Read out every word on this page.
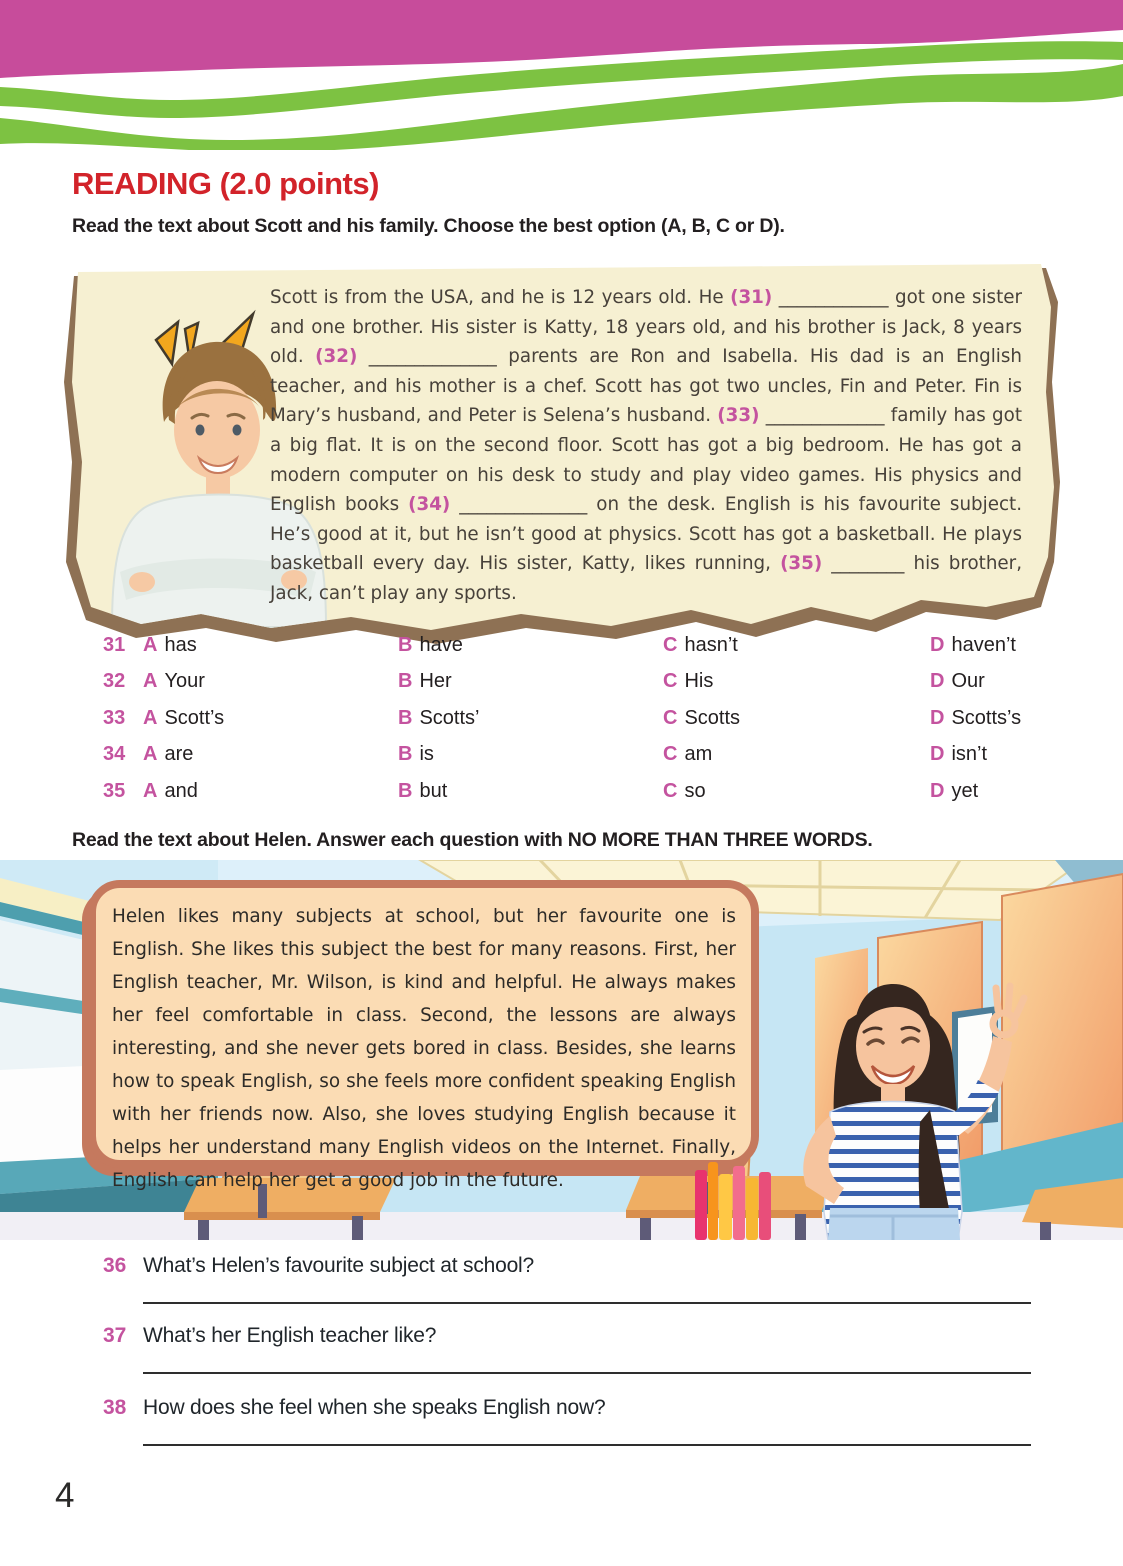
READING (2.0 points)
Read the text about Scott and his family. Choose the best option (A, B, C or D).
Scott is from the USA, and he is 12 years old. He (31) ____________ got one sister and one brother. His sister is Katty, 18 years old, and his brother is Jack, 8 years old. (32) ______________ parents are Ron and Isabella. His dad is an English teacher, and his mother is a chef. Scott has got two uncles, Fin and Peter. Fin is Mary’s husband, and Peter is Selena’s husband. (33) _____________ family has got a big flat. It is on the second floor. Scott has got a big bedroom. He has got a modern computer on his desk to study and play video games. His physics and English books (34) ______________ on the desk. English is his favourite subject. He’s good at it, but he isn’t good at physics. Scott has got a basketball. He plays basketball every day. His sister, Katty, likes running, (35) ________ his brother, Jack, can’t play any sports.
31 A has	B have	C hasn’t	D haven’t
32 A Your	B Her	C His	D Our
33 A Scott’s	B Scotts’	C Scotts	D Scotts’s
34 A are	B is	C am	D isn’t
35 A and	B but	C so	D yet
Read the text about Helen. Answer each question with NO MORE THAN THREE WORDS.
Helen likes many subjects at school, but her favourite one is English. She likes this subject the best for many reasons. First, her English teacher, Mr. Wilson, is kind and helpful. He always makes her feel comfortable in class. Second, the lessons are always interesting, and she never gets bored in class. Besides, she learns how to speak English, so she feels more confident speaking English with her friends now. Also, she loves studying English because it helps her understand many English videos on the Internet. Finally, English can help her get a good job in the future.
36 What’s Helen’s favourite subject at school?
37 What’s her English teacher like?
38 How does she feel when she speaks English now?
4
